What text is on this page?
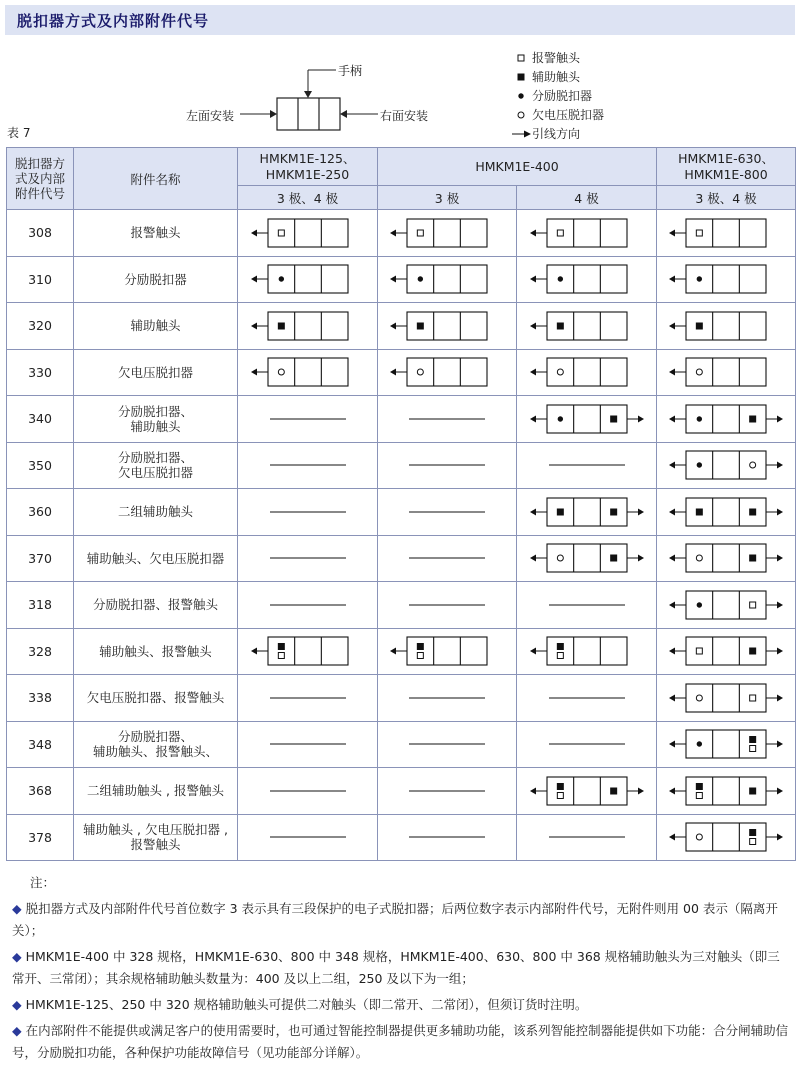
脱扣器方式及内部附件代号
手柄
左面安装	右面安装
报警触头
辅助触头
分励脱扣器
欠电压脱扣器
引线方向
表 7
脱扣器方式及内部附件代号	附件名称	HMKM1E-125、
HMKM1E-250	HMKM1E-400		HMKM1E-630、
HMKM1E-800
		3 极、4 极	3 极	4 极	3 极、4 极
308	报警触头	

310	分励脱扣器	

320	辅助触头	

330	欠电压脱扣器	

340	分励脱扣器、
辅助触头	

350	分励脱扣器、
欠电压脱扣器	

360	二组辅助触头	

370	辅助触头、欠电压脱扣器	

318	分励脱扣器、报警触头	

328	辅助触头、报警触头	

338	欠电压脱扣器、报警触头	

348	分励脱扣器、
辅助触头、报警触头、	

368	二组辅助触头 , 报警触头	

378	辅助触头 , 欠电压脱扣器 ,
报警触头	

注：
◆ 脱扣器方式及内部附件代号首位数字 3 表示具有三段保护的电子式脱扣器；后两位数字表示内部附件代号，无附件则用 00 表示（隔离开关）；
◆ HMKM1E-400 中 328 规格，HMKM1E-630、800 中 348 规格，HMKM1E-400、630、800 中 368 规格辅助触头为三对触头（即三常开、三常闭）；其余规格辅助触头数量为：400 及以上二组，250 及以下为一组；
◆ HMKM1E-125、250 中 320 规格辅助触头可提供二对触头（即二常开、二常闭），但须订货时注明。
◆ 在内部附件不能提供或满足客户的使用需要时，也可通过智能控制器提供更多辅助功能，该系列智能控制器能提供如下功能：合分闸辅助信号，分励脱扣功能，各种保护功能故障信号（见功能部分详解）。
